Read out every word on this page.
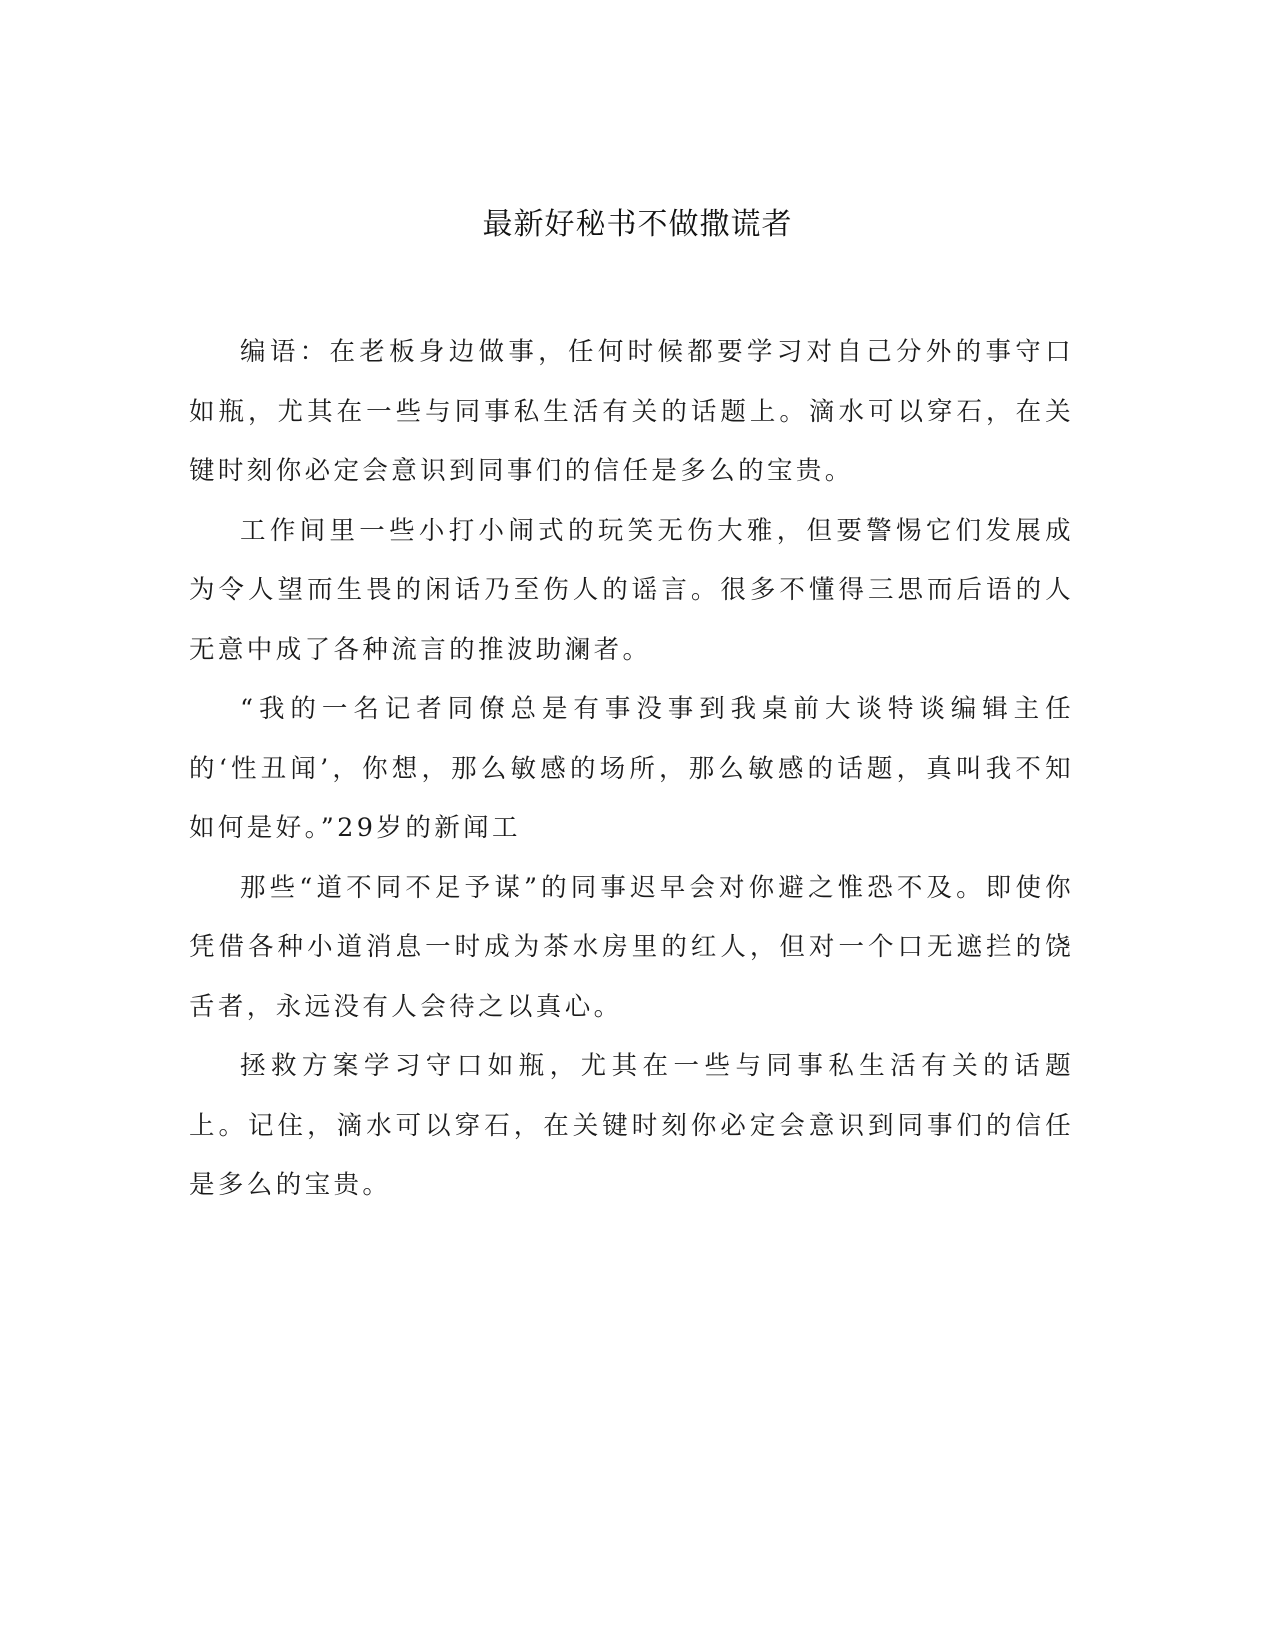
最新好秘书不做撒谎者

编语：在老板身边做事，任何时候都要学习对自己分外的事守口如瓶，尤其在一些与同事私生活有关的话题上。滴水可以穿石，在关键时刻你必定会意识到同事们的信任是多么的宝贵。

工作间里一些小打小闹式的玩笑无伤大雅，但要警惕它们发展成为令人望而生畏的闲话乃至伤人的谣言。很多不懂得三思而后语的人无意中成了各种流言的推波助澜者。

“我的一名记者同僚总是有事没事到我桌前大谈特谈编辑主任的‘性丑闻’，你想，那么敏感的场所，那么敏感的话题，真叫我不知如何是好。”29岁的新闻工

那些“道不同不足予谋”的同事迟早会对你避之惟恐不及。即使你凭借各种小道消息一时成为茶水房里的红人，但对一个口无遮拦的饶舌者，永远没有人会待之以真心。

拯救方案学习守口如瓶，尤其在一些与同事私生活有关的话题上。记住，滴水可以穿石，在关键时刻你必定会意识到同事们的信任是多么的宝贵。
